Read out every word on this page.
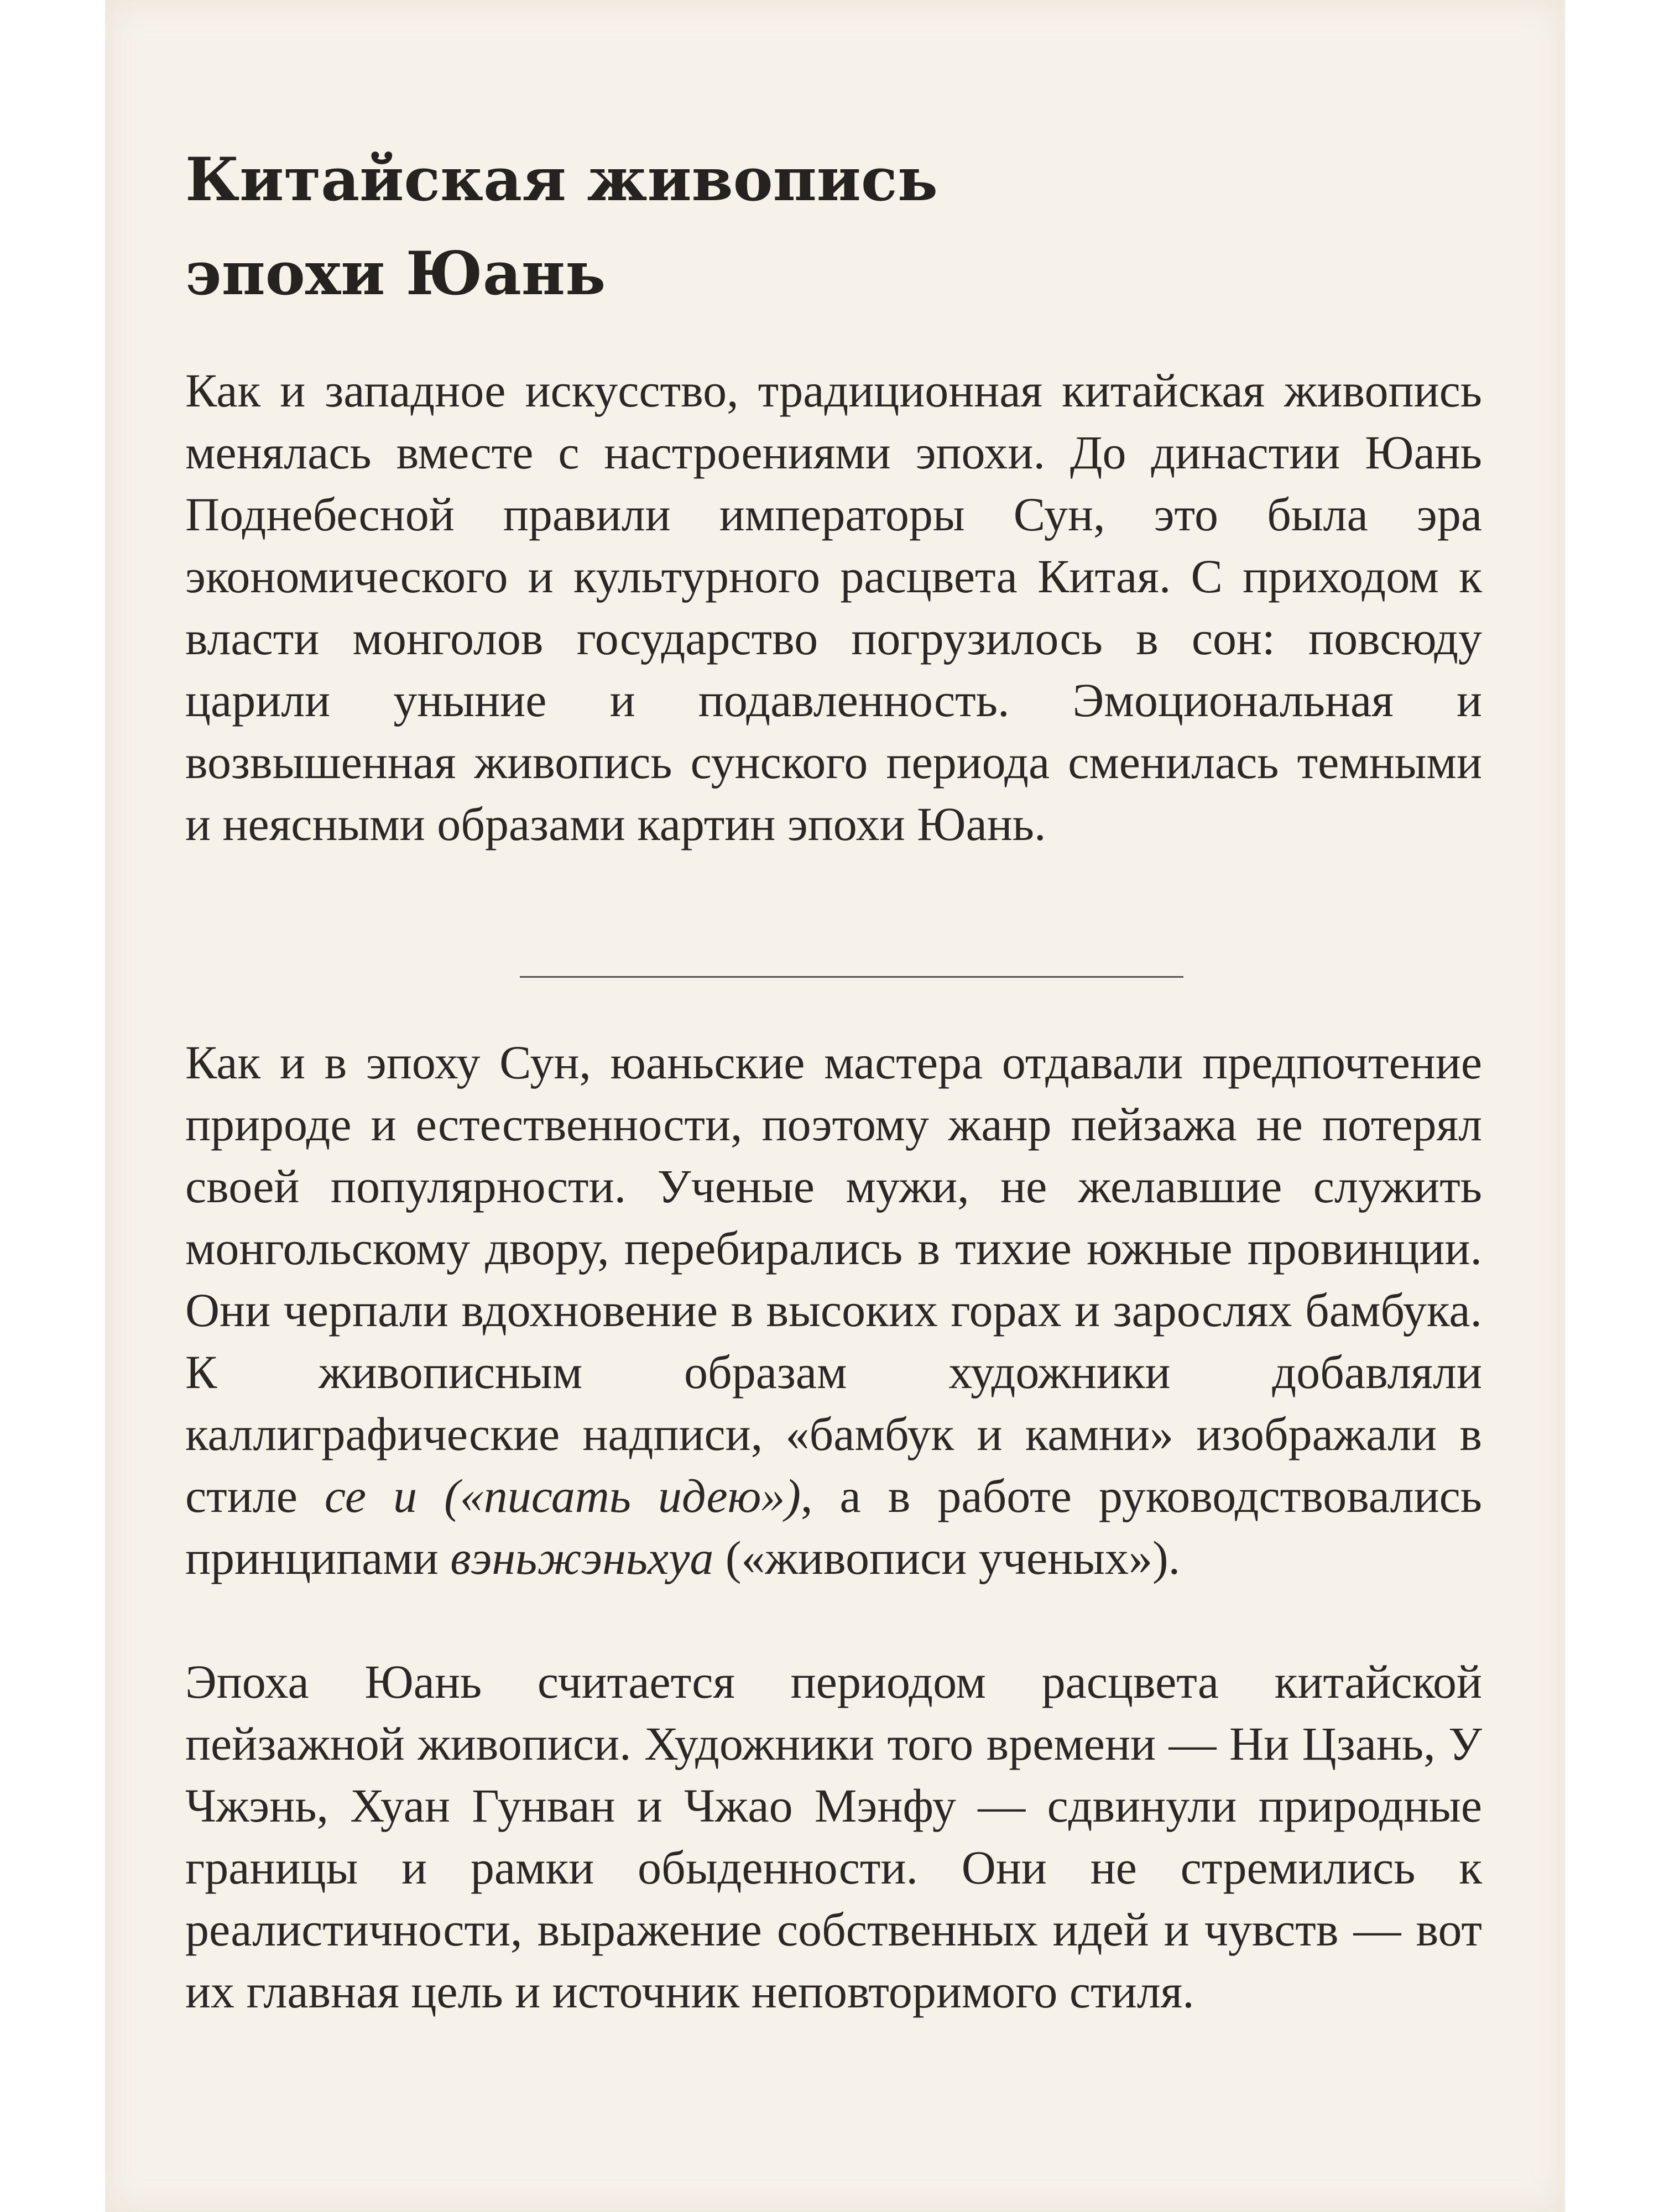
Китайская живопись
эпохи Юань

Как и западное искусство, традиционная китайская живопись менялась вместе с настроениями эпохи. До династии Юань Поднебесной правили императоры Сун, это была эра экономического и культурного расцвета Китая. С приходом к власти монголов государство погрузилось в сон: повсюду царили уныние и подавленность. Эмоциональная и возвышенная живопись сунского периода сменилась темными и неясными образами картин эпохи Юань.

Как и в эпоху Сун, юаньские мастера отдавали предпочтение природе и естественности, поэтому жанр пейзажа не потерял своей популярности. Ученые мужи, не желавшие служить монгольскому двору, перебирались в тихие южные провинции. Они черпали вдохновение в высоких горах и зарослях бамбука. К живописным образам художники добавляли каллиграфические надписи, «бамбук и камни» изображали в стиле се и («писать идею»), а в работе руководствовались принципами вэньжэньхуа («живописи ученых»).

Эпоха Юань считается периодом расцвета китайской пейзажной живописи. Художники того времени — Ни Цзань, У Чжэнь, Хуан Гунван и Чжао Мэнфу — сдвинули природные границы и рамки обыденности. Они не стремились к реалистичности, выражение собственных идей и чувств — вот их главная цель и источник неповторимого стиля.
